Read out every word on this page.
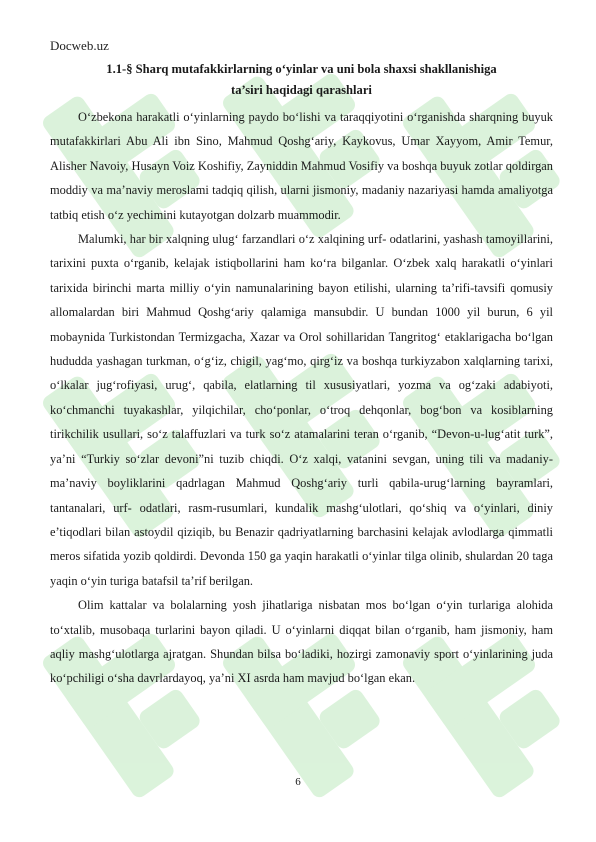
Docweb.uz
1.1-§ Sharq mutafakkirlarning o‘yinlar va uni bola shaxsi shakllanishiga
ta’siri haqidagi qarashlari

O‘zbekona harakatli o‘yinlarning paydo bo‘lishi va taraqqiyotini o‘rganishda sharqning buyuk mutafakkirlari Abu Ali ibn Sino, Mahmud Qoshg‘ariy, Kaykovus, Umar Xayyom, Amir Temur, Alisher Navoiy, Husayn Voiz Koshifiy, Zayniddin Mahmud Vosifiy va boshqa buyuk zotlar qoldirgan moddiy va ma’naviy meroslami tadqiq qilish, ularni jismoniy, madaniy nazariyasi hamda amaliyotga tatbiq etish o‘z yechimini kutayotgan dolzarb muammodir.

Malumki, har bir xalqning ulug‘ farzandlari o‘z xalqining urf- odatlarini, yashash tamoyillarini, tarixini puxta o‘rganib, kelajak istiqbollarini ham ko‘ra bilganlar. O‘zbek xalq harakatli o‘yinlari tarixida birinchi marta milliy o‘yin namunalarining bayon etilishi, ularning ta’rifi-tavsifi qomusiy allomalardan biri Mahmud Qoshg‘ariy qalamiga mansubdir. U bundan 1000 yil burun, 6 yil mobaynida Turkistondan Termizgacha, Xazar va Orol sohillaridan Tangritog‘ etaklarigacha bo‘lgan hududda yashagan turkman, o‘g‘iz, chigil, yag‘mo, qirg‘iz va boshqa turkiyzabon xalqlarning tarixi, o‘lkalar jug‘rofiyasi, urug‘, qabila, elatlarning til xususiyatlari, yozma va og‘zaki adabiyoti, ko‘chmanchi tuyakashlar, yilqichilar, cho‘ponlar, o‘troq dehqonlar, bog‘bon va kosiblarning tirikchilik usullari, so‘z talaffuzlari va turk so‘z atamalarini teran o‘rganib, “Devon-u-lug‘atit turk”, ya’ni “Turkiy so‘zlar devoni”ni tuzib chiqdi. O‘z xalqi, vatanini sevgan, uning tili va madaniy-ma’naviy boyliklarini qadrlagan Mahmud Qoshg‘ariy turli qabila-urug‘larning bayramlari, tantanalari, urf- odatlari, rasm-rusumlari, kundalik mashg‘ulotlari, qo‘shiq va o‘yinlari, diniy e’tiqodlari bilan astoydil qiziqib, bu Benazir qadriyatlarning barchasini kelajak avlodlarga qimmatli meros sifatida yozib qoldirdi. Devonda 150 ga yaqin harakatli o‘yinlar tilga olinib, shulardan 20 taga yaqin o‘yin turiga batafsil ta’rif berilgan.

Olim kattalar va bolalarning yosh jihatlariga nisbatan mos bo‘lgan o‘yin turlariga alohida to‘xtalib, musobaqa turlarini bayon qiladi. U o‘yinlarni diqqat bilan o‘rganib, ham jismoniy, ham aqliy mashg‘ulotlarga ajratgan. Shundan bilsa bo‘ladiki, hozirgi zamonaviy sport o‘yinlarining juda ko‘pchiligi o‘sha davrlardayoq, ya’ni XI asrda ham mavjud bo‘lgan ekan.

6
